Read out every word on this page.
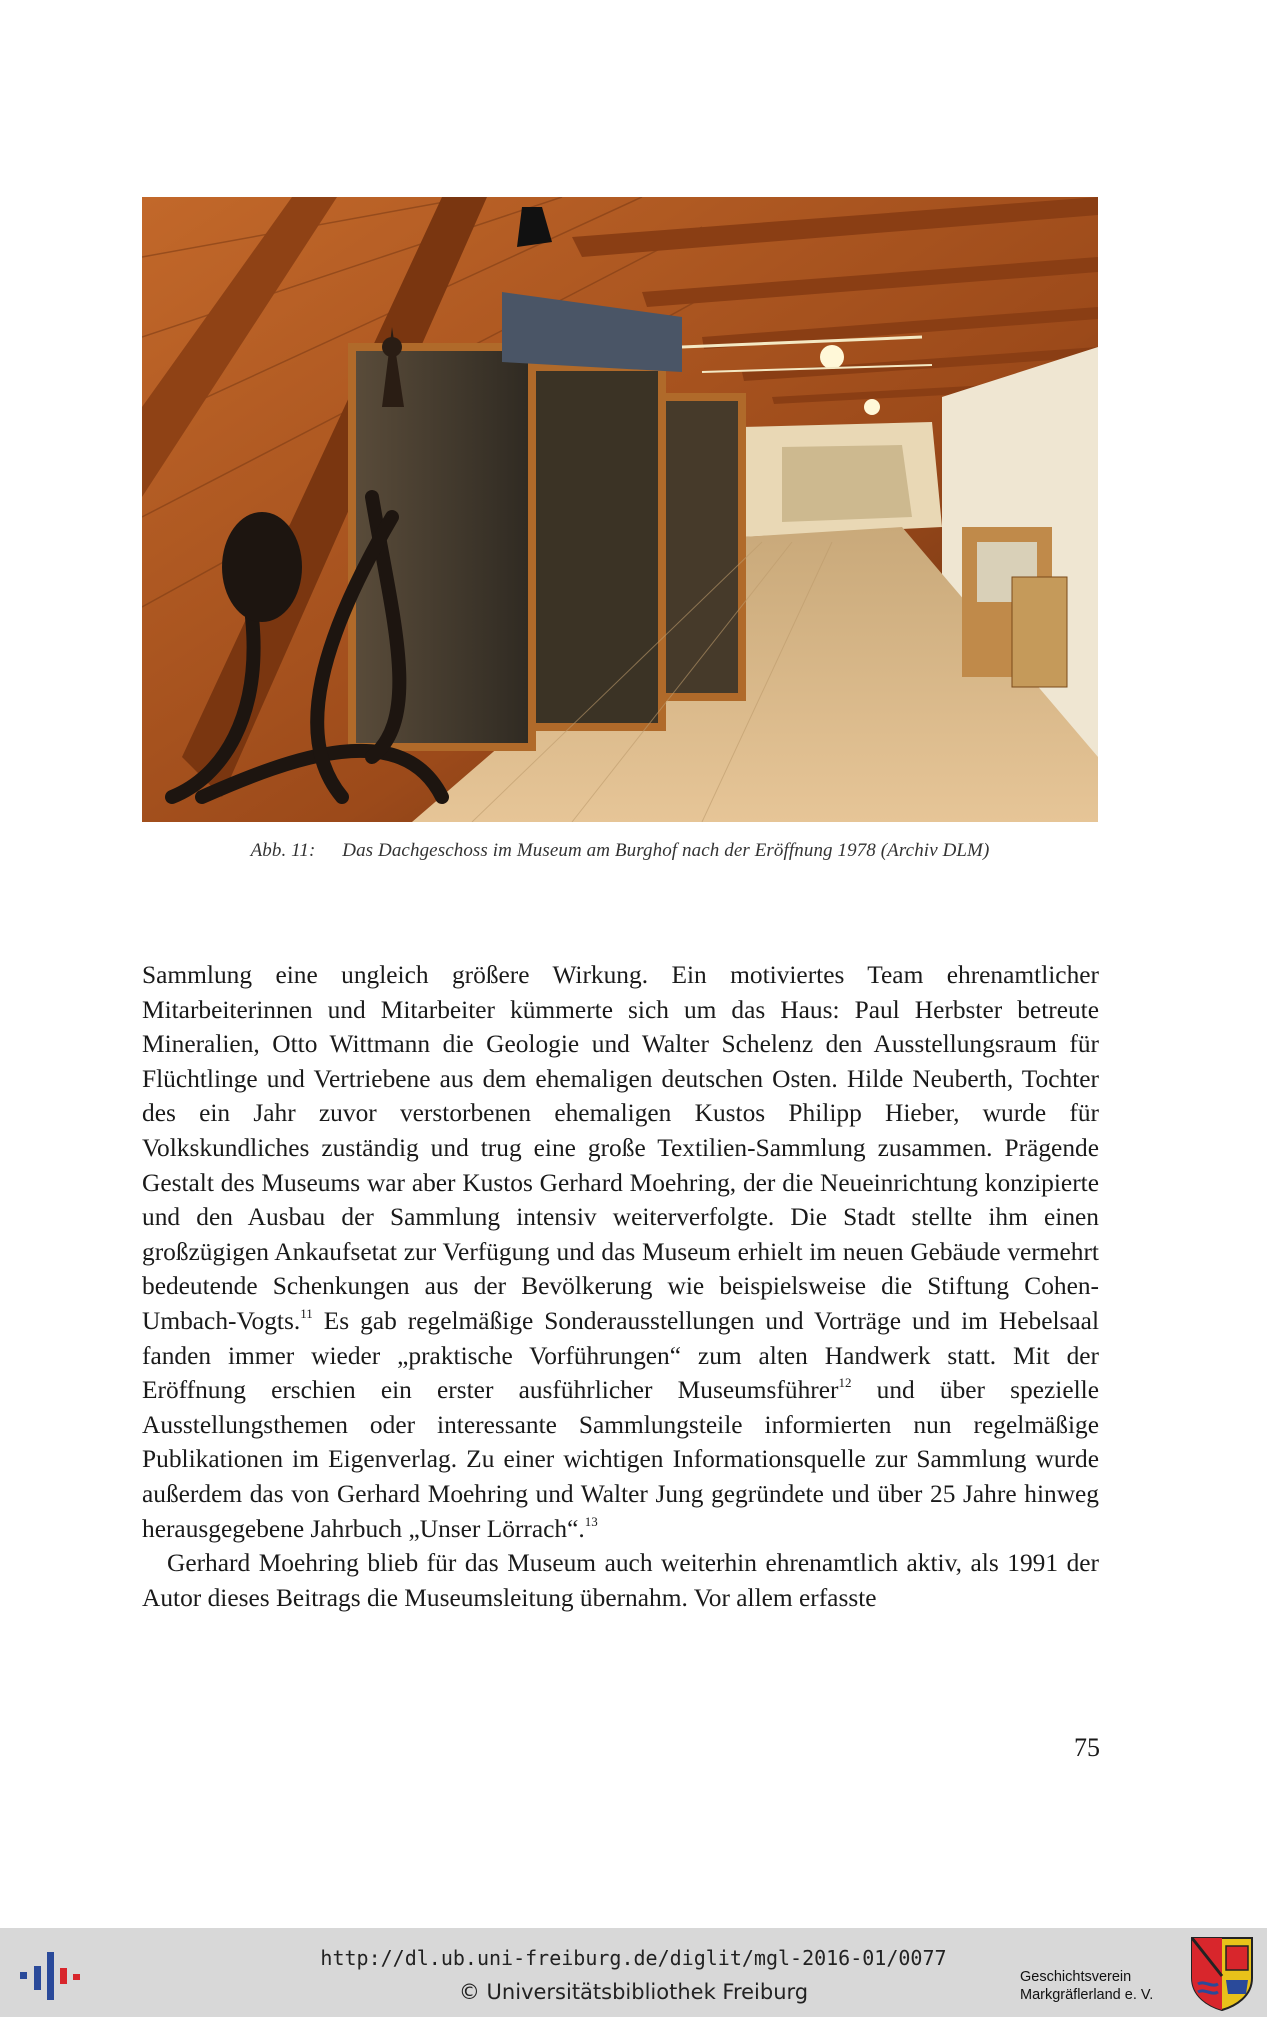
Abb. 11: Das Dachgeschoss im Museum am Burghof nach der Eröffnung 1978 (Archiv DLM)

Sammlung eine ungleich größere Wirkung. Ein motiviertes Team ehrenamtlicher Mitarbeiterinnen und Mitarbeiter kümmerte sich um das Haus: Paul Herbster betreute Mineralien, Otto Wittmann die Geologie und Walter Schelenz den Ausstellungsraum für Flüchtlinge und Vertriebene aus dem ehemaligen deutschen Osten. Hilde Neuberth, Tochter des ein Jahr zuvor verstorbenen ehemaligen Kustos Philipp Hieber, wurde für Volkskundliches zuständig und trug eine große Textilien-Sammlung zusammen. Prägende Gestalt des Museums war aber Kustos Gerhard Moehring, der die Neueinrichtung konzipierte und den Ausbau der Sammlung intensiv weiterverfolgte. Die Stadt stellte ihm einen großzügigen Ankaufsetat zur Verfügung und das Museum erhielt im neuen Gebäude vermehrt bedeutende Schenkungen aus der Bevölkerung wie beispielsweise die Stiftung Cohen-Umbach-Vogts.$^{11}$ Es gab regelmäßige Sonderausstellungen und Vorträge und im Hebelsaal fanden immer wieder „praktische Vorführungen“ zum alten Handwerk statt. Mit der Eröffnung erschien ein erster ausführlicher Museumsführer$^{12}$ und über spezielle Ausstellungsthemen oder interessante Sammlungsteile informierten nun regelmäßige Publikationen im Eigenverlag. Zu einer wichtigen Informationsquelle zur Sammlung wurde außerdem das von Gerhard Moehring und Walter Jung gegründete und über 25 Jahre hinweg herausgegebene Jahrbuch „Unser Lörrach“.$^{13}$

Gerhard Moehring blieb für das Museum auch weiterhin ehrenamtlich aktiv, als 1991 der Autor dieses Beitrags die Museumsleitung übernahm. Vor allem erfasste

75
http://dl.ub.uni-freiburg.de/diglit/mgl-2016-01/0077
© Universitätsbibliothek Freiburg
Geschichtsverein
Markgräflerland e. V.
